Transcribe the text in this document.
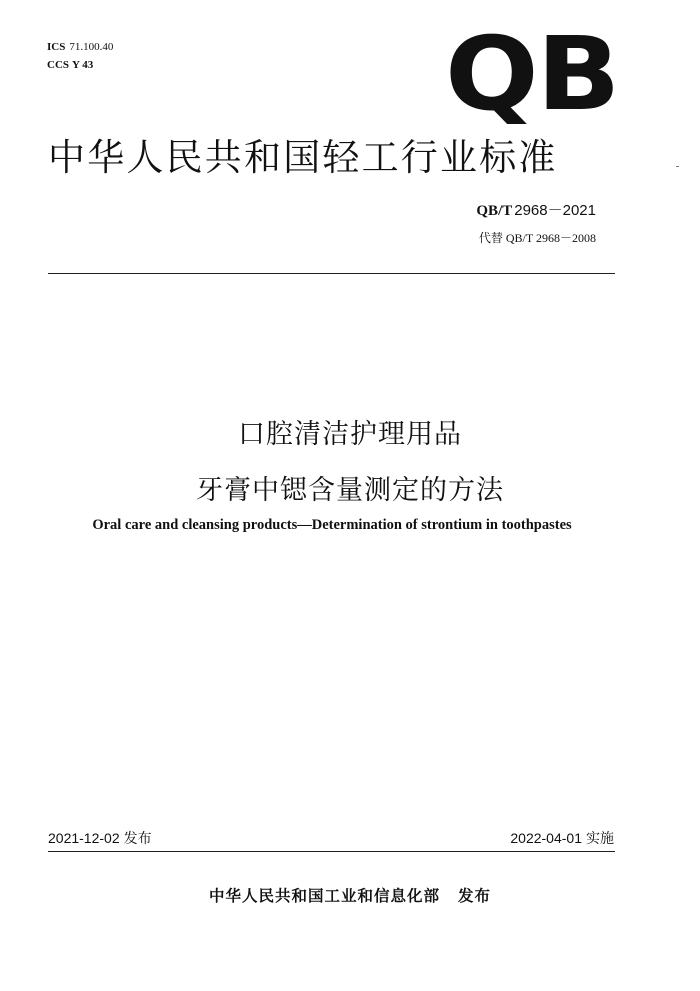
ICS 71.100.40
CCS Y 43	QB
中华人民共和国轻工行业标准
QB/T 2968－2021
代替 QB/T 2968－2008
口腔清洁护理用品
牙膏中锶含量测定的方法
Oral care and cleansing products—Determination of strontium in toothpastes
2021-12-02 发布	2022-04-01 实施
中华人民共和国工业和信息化部 发布
